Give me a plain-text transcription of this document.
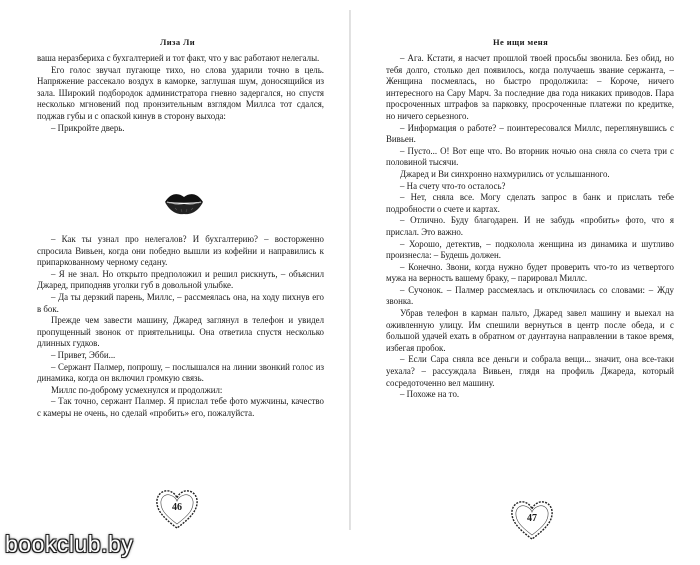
Лиза Ли

ваша неразбериха с бухгалтерией и тот факт, что у вас работают нелегалы.

Его голос звучал пугающе тихо, но слова ударили точно в цель. Напряжение рассекало воздух в каморке, заглушая шум, доносящийся из зала. Широкий подбородок администратора гневно задергался, но спустя несколько мгновений под пронзительным взглядом Миллса тот сдался, поджав губы и с опаской кинув в сторону выхода:

– Прикройте дверь.

– Как ты узнал про нелегалов? И бухгалтерию? – восторженно спросила Вивьен, когда они победно вышли из кофейни и направились к припаркованному черному седану.

– Я не знал. Но открыто предположил и решил рискнуть, – объяснил Джаред, приподняв уголки губ в довольной улыбке.

– Да ты дерзкий парень, Миллс, – рассмеялась она, на ходу пихнув его в бок.

Прежде чем завести машину, Джаред заглянул в телефон и увидел пропущенный звонок от приятельницы. Она ответила спустя несколько длинных гудков.

– Привет, Эбби...

– Сержант Палмер, попрошу, – послышался на линии звонкий голос из динамика, когда он включил громкую связь.

Миллс по-доброму усмехнулся и продолжил:

– Так точно, сержант Палмер. Я прислал тебе фото мужчины, качество с камеры не очень, но сделай «пробить» его, пожалуйста.

46
Не ищи меня

– Ага. Кстати, я насчет прошлой твоей просьбы звонила. Без обид, но тебя долго, столько дел появилось, когда получаешь звание сержанта, – Женщина посмеялась, но быстро продолжила: – Короче, ничего интересного на Сару Марч. За последние два года никаких приводов. Пара просроченных штрафов за парковку, просроченные платежи по кредитке, но ничего серьезного.

– Информация о работе? – поинтересовался Миллс, переглянувшись с Вивьен.

– Пусто... О! Вот еще что. Во вторник ночью она сняла со счета три с половиной тысячи.

Джаред и Ви синхронно нахмурились от услышанного.

– На счету что-то осталось?

– Нет, сняла все. Могу сделать запрос в банк и прислать тебе подробности о счете и картах.

– Отлично. Буду благодарен. И не забудь «пробить» фото, что я прислал. Это важно.

– Хорошо, детектив, – подколола женщина из динамика и шутливо произнесла: – Будешь должен.

– Конечно. Звони, когда нужно будет проверить что-то из четвертого мужа на верность вашему браку, – парировал Миллс.

– Сучонок. – Палмер рассмеялась и отключилась со словами: – Жду звонка.

Убрав телефон в карман пальто, Джаред завел машину и выехал на оживленную улицу. Им спешили вернуться в центр после обеда, и с большой удачей ехать в обратном от даунтауна направлении в такое время, избегая пробок.

– Если Сара сняла все деньги и собрала вещи... значит, она все-таки уехала? – рассуждала Вивьен, глядя на профиль Джареда, который сосредоточенно вел машину.

– Похоже на то.

47
bookclub.by
